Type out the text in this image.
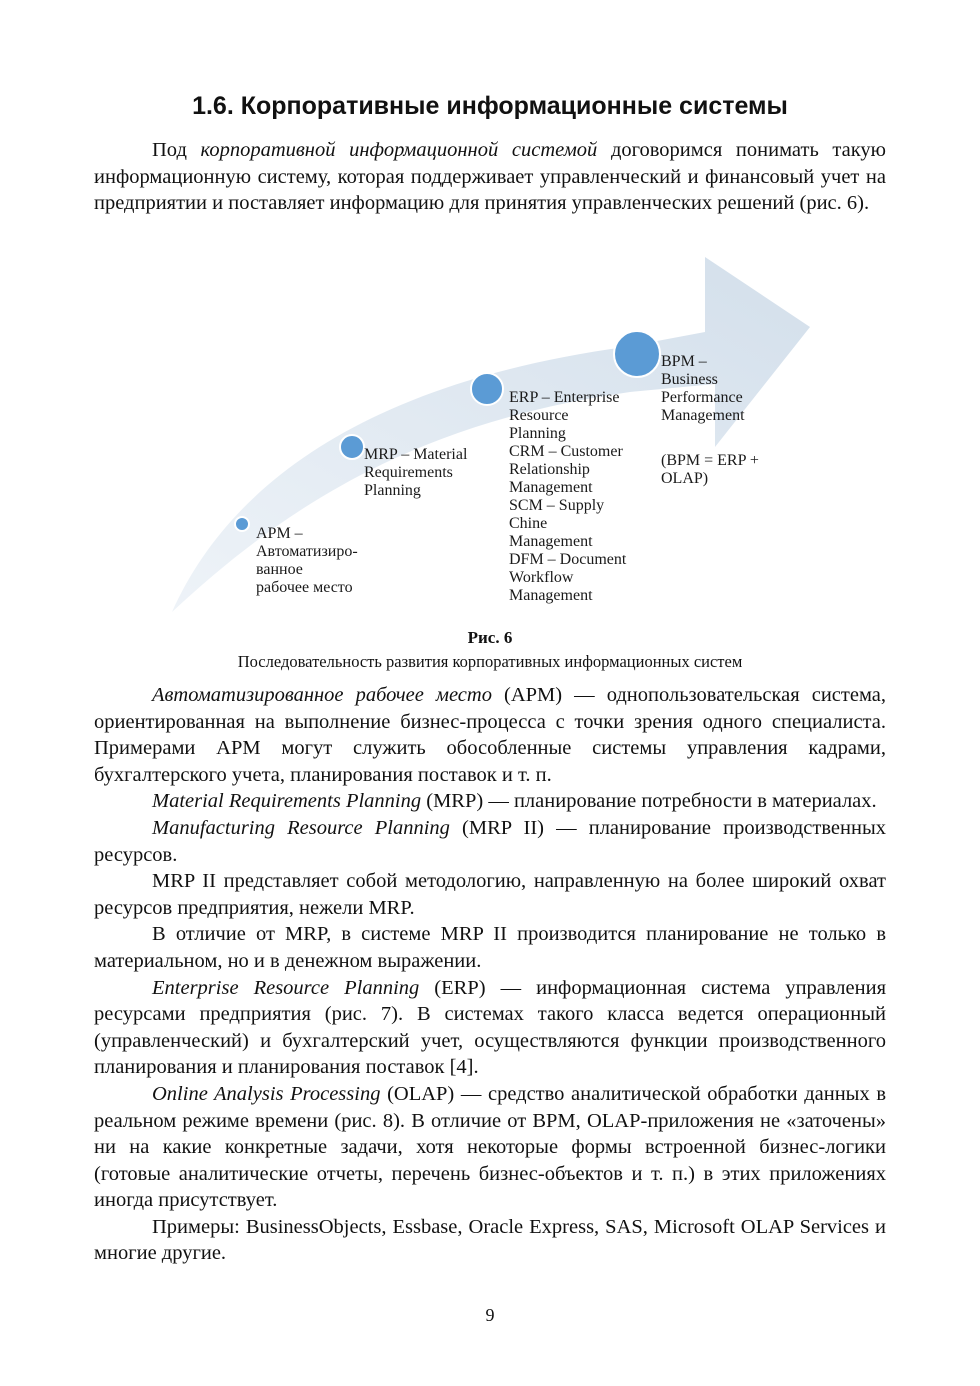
1.6. Корпоративные информационные системы

Под корпоративной информационной системой договоримся понимать такую информационную систему, которая поддерживает управленческий и финансовый учет на предприятии и поставляет информацию для принятия управленческих решений (рис. 6).

АРМ –
Автоматизиро-
ванное
рабочее место
MRP – Material
Requirements
Planning
ERP – Enterprise
Resource
Planning
CRM – Customer
Relationship
Management
SCM – Supply
Chine
Management
DFM – Document
Workflow
Management
BPM –
Business
Performance
Management
(BPM = ERP +
OLAP)

Рис. 6

Последовательность развития корпоративных информационных систем

Автоматизированное рабочее место (АРМ) — однопользовательская система, ориентированная на выполнение бизнес-процесса с точки зрения одного специалиста. Примерами АРМ могут служить обособленные системы управления кадрами, бухгалтерского учета, планирования поставок и т. п.

Material Requirements Planning (MRP) — планирование потребности в материалах.

Manufacturing Resource Planning (MRP II) — планирование производственных ресурсов.

MRP II представляет собой методологию, направленную на более широкий охват ресурсов предприятия, нежели MRP.

В отличие от MRP, в системе MRP II производится планирование не только в материальном, но и в денежном выражении.

Enterprise Resource Planning (ERP) — информационная система управления ресурсами предприятия (рис. 7). В системах такого класса ведется операционный (управленческий) и бухгалтерский учет, осуществляются функции производственного планирования и планирования поставок [4].

Online Analysis Processing (OLAP) — средство аналитической обработки данных в реальном режиме времени (рис. 8). В отличие от BPM, OLAP-приложения не «заточены» ни на какие конкретные задачи, хотя некоторые формы встроенной бизнес-логики (готовые аналитические отчеты, перечень бизнес-объектов и т. п.) в этих приложениях иногда присутствует.

Примеры: BusinessObjects, Essbase, Oracle Express, SAS, Microsoft OLAP Services и многие другие.

9
